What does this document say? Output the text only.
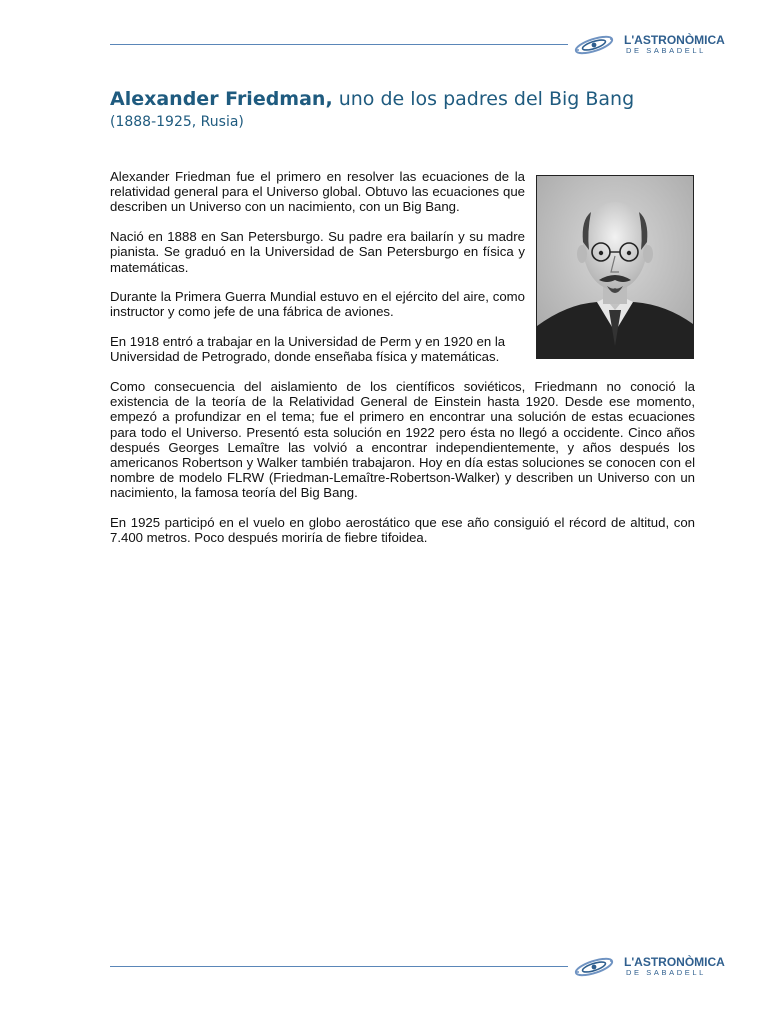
L'ASTRONÒMICA
DE SABADELL
Alexander Friedman, uno de los padres del Big Bang
(1888-1925, Rusia)

Alexander Friedman fue el primero en resolver las ecuaciones de la relatividad general para el Universo global. Obtuvo las ecuaciones que describen un Universo con un nacimiento, con un Big Bang.

Nació en 1888 en San Petersburgo. Su padre era bailarín y su madre pianista. Se graduó en la Universidad de San Petersburgo en física y matemáticas.

Durante la Primera Guerra Mundial estuvo en el ejército del aire, como instructor y como jefe de una fábrica de aviones.

En 1918 entró a trabajar en la Universidad de Perm y en 1920 en la Universidad de Petrogrado, donde enseñaba física y matemáticas.

Como consecuencia del aislamiento de los científicos soviéticos, Friedmann no conoció la existencia de la teoría de la Relatividad General de Einstein hasta 1920. Desde ese momento, empezó a profundizar en el tema; fue el primero en encontrar una solución de estas ecuaciones para todo el Universo. Presentó esta solución en 1922 pero ésta no llegó a occidente. Cinco años después Georges Lemaître las volvió a encontrar independientemente, y años después los americanos Robertson y Walker también trabajaron. Hoy en día estas soluciones se conocen con el nombre de modelo FLRW (Friedman-Lemaître-Robertson-Walker) y describen un Universo con un nacimiento, la famosa teoría del Big Bang.

En 1925 participó en el vuelo en globo aerostático que ese año consiguió el récord de altitud, con 7.400 metros. Poco después moriría de fiebre tifoidea.

L'ASTRONÒMICA
DE SABADELL
